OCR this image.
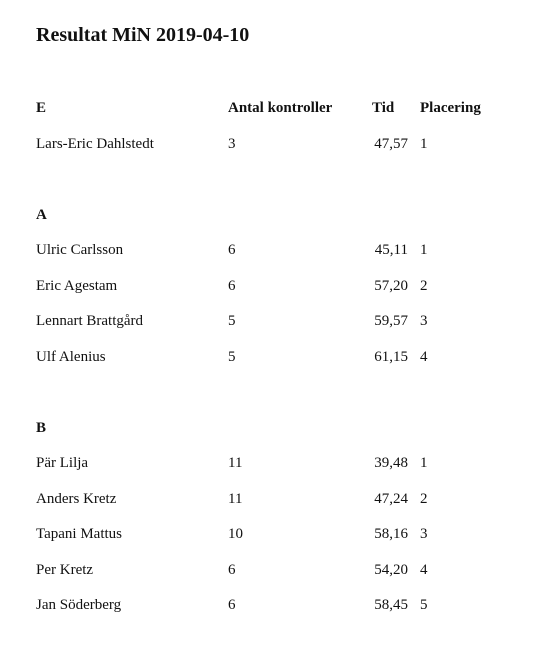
Resultat MiN 2019-04-10
E	Antal kontroller	Tid	Placering
Lars-Eric Dahlstedt	3	47,57 1
A
Ulric Carlsson	6	45,11 1
Eric Agestam	6	57,20 2
Lennart Brattgård	5	59,57 3
Ulf Alenius	5	61,15 4
B
Pär Lilja	11	39,48 1
Anders Kretz	11	47,24 2
Tapani Mattus	10	58,16 3
Per Kretz	6	54,20 4
Jan Söderberg	6	58,45 5
